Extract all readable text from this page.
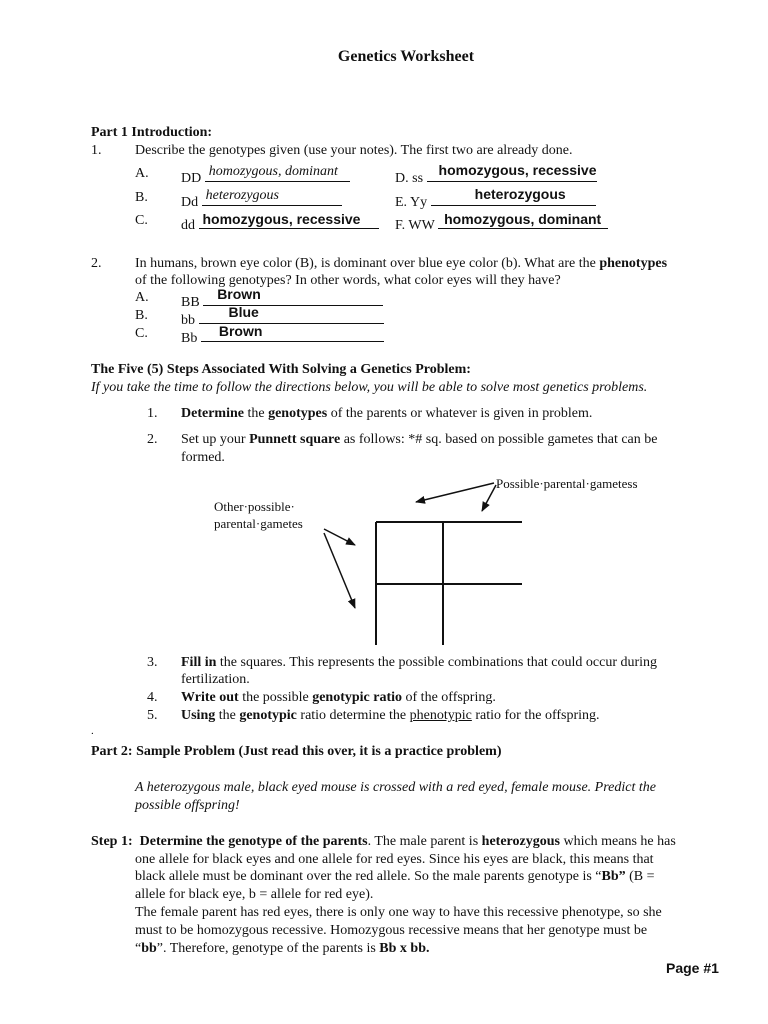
Genetics Worksheet
Part 1 Introduction:
1. Describe the genotypes given (use your notes). The first two are already done.
A. DD homozygous, dominant
B. Dd heterozygous
C. dd homozygous, recessive
D. ss
homozygous, recessive
E. Yy
heterozygous
F. WW homozygous, dominant
2. In humans, brown eye color (B), is dominant over blue eye color (b). What are the phenotypes
of the following genotypes? In other words, what color eyes will they have?
A. BB
Brown
B. bb
Blue
C. Bb Brown
The Five (5) Steps Associated With Solving a Genetics Problem:
If you take the time to follow the directions below, you will be able to solve most genetics problems.
1. Determine the genotypes of the parents or whatever is given in problem.
2. Set up your Punnett square as follows: *# sq. based on possible gametes that can be
formed.
Possible·parental·gametess
Other·possible·
parental·gametes
3. Fill in the squares. This represents the possible combinations that could occur during
fertilization.
4. Write out the possible genotypic ratio of the offspring.
5. Using the genotypic ratio determine the phenotypic ratio for the offspring.
.
Part 2: Sample Problem (Just read this over, it is a practice problem)
A heterozygous male, black eyed mouse is crossed with a red eyed, female mouse. Predict the
possible offspring!
Step 1:  Determine the genotype of the parents. The male parent is heterozygous which means he has
one allele for black eyes and one allele for red eyes. Since his eyes are black, this means that
black allele must be dominant over the red allele. So the male parents genotype is “Bb” (B =
allele for black eye, b = allele for red eye).
The female parent has red eyes, there is only one way to have this recessive phenotype, so she
must to be homozygous recessive. Homozygous recessive means that her genotype must be
“bb”. Therefore, genotype of the parents is Bb x bb.
Page #1
